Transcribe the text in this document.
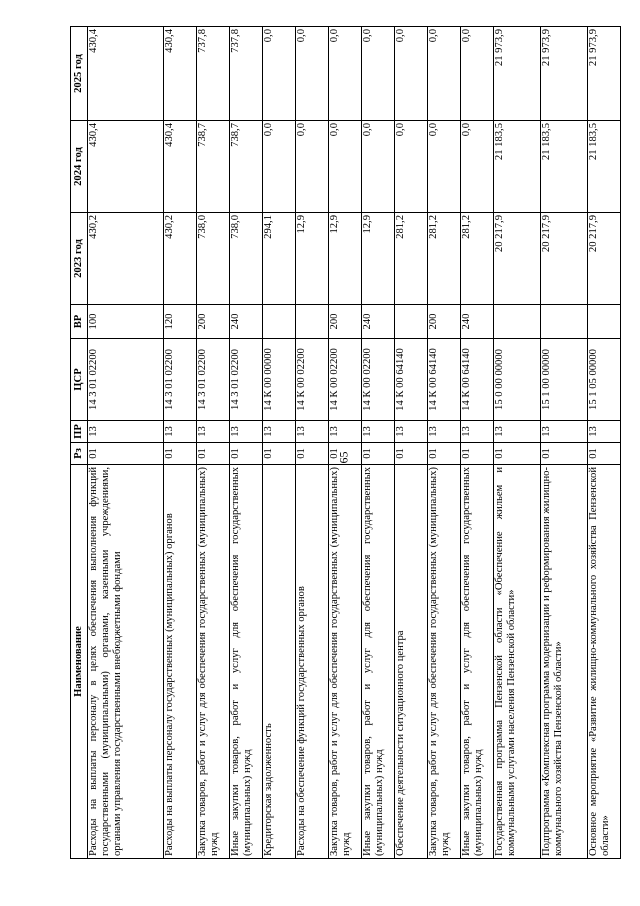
65
Наименование	Рз	ПР	ЦСР	ВР	2023 год	2024 год	2025 год
Расходы на выплаты персоналу в целях обеспечения выполнения функций государственными (муниципальными) органами, казенными учреждениями, органами управления государственными внебюджетными фондами	01	13	14 3 01 02200	100	430,2	430,4	430,4
Расходы на выплаты персоналу государственных (муниципальных) органов	01	13	14 3 01 02200	120	430,2	430,4	430,4
Закупка товаров, работ и услуг для обеспечения государственных (муниципальных) нужд	01	13	14 3 01 02200	200	738,0	738,7	737,8
Иные закупки товаров, работ и услуг для обеспечения государственных (муниципальных) нужд	01	13	14 3 01 02200	240	738,0	738,7	737,8
Кредиторская задолженность	01	13	14 К 00 00000		294,1	0,0	0,0
Расходы на обеспечение функций государственных органов	01	13	14 К 00 02200		12,9	0,0	0,0
Закупка товаров, работ и услуг для обеспечения государственных (муниципальных) нужд	01	13	14 К 00 02200	200	12,9	0,0	0,0
Иные закупки товаров, работ и услуг для обеспечения государственных (муниципальных) нужд	01	13	14 К 00 02200	240	12,9	0,0	0,0
Обеспечение деятельности ситуационного центра	01	13	14 К 00 64140		281,2	0,0	0,0
Закупка товаров, работ и услуг для обеспечения государственных (муниципальных) нужд	01	13	14 К 00 64140	200	281,2	0,0	0,0
Иные закупки товаров, работ и услуг для обеспечения государственных (муниципальных) нужд	01	13	14 К 00 64140	240	281,2	0,0	0,0
Государственная программа Пензенской области «Обеспечение жильем и коммунальными услугами населения Пензенской области»	01	13	15 0 00 00000		20 217,9	21 183,5	21 973,9
Подпрограмма «Комплексная программа модернизации и реформирования жилищно-коммунального хозяйства Пензенской области»	01	13	15 1 00 00000		20 217,9	21 183,5	21 973,9
Основное мероприятие «Развитие жилищно-коммунального хозяйства Пензенской области»	01	13	15 1 05 00000		20 217,9	21 183,5	21 973,9
